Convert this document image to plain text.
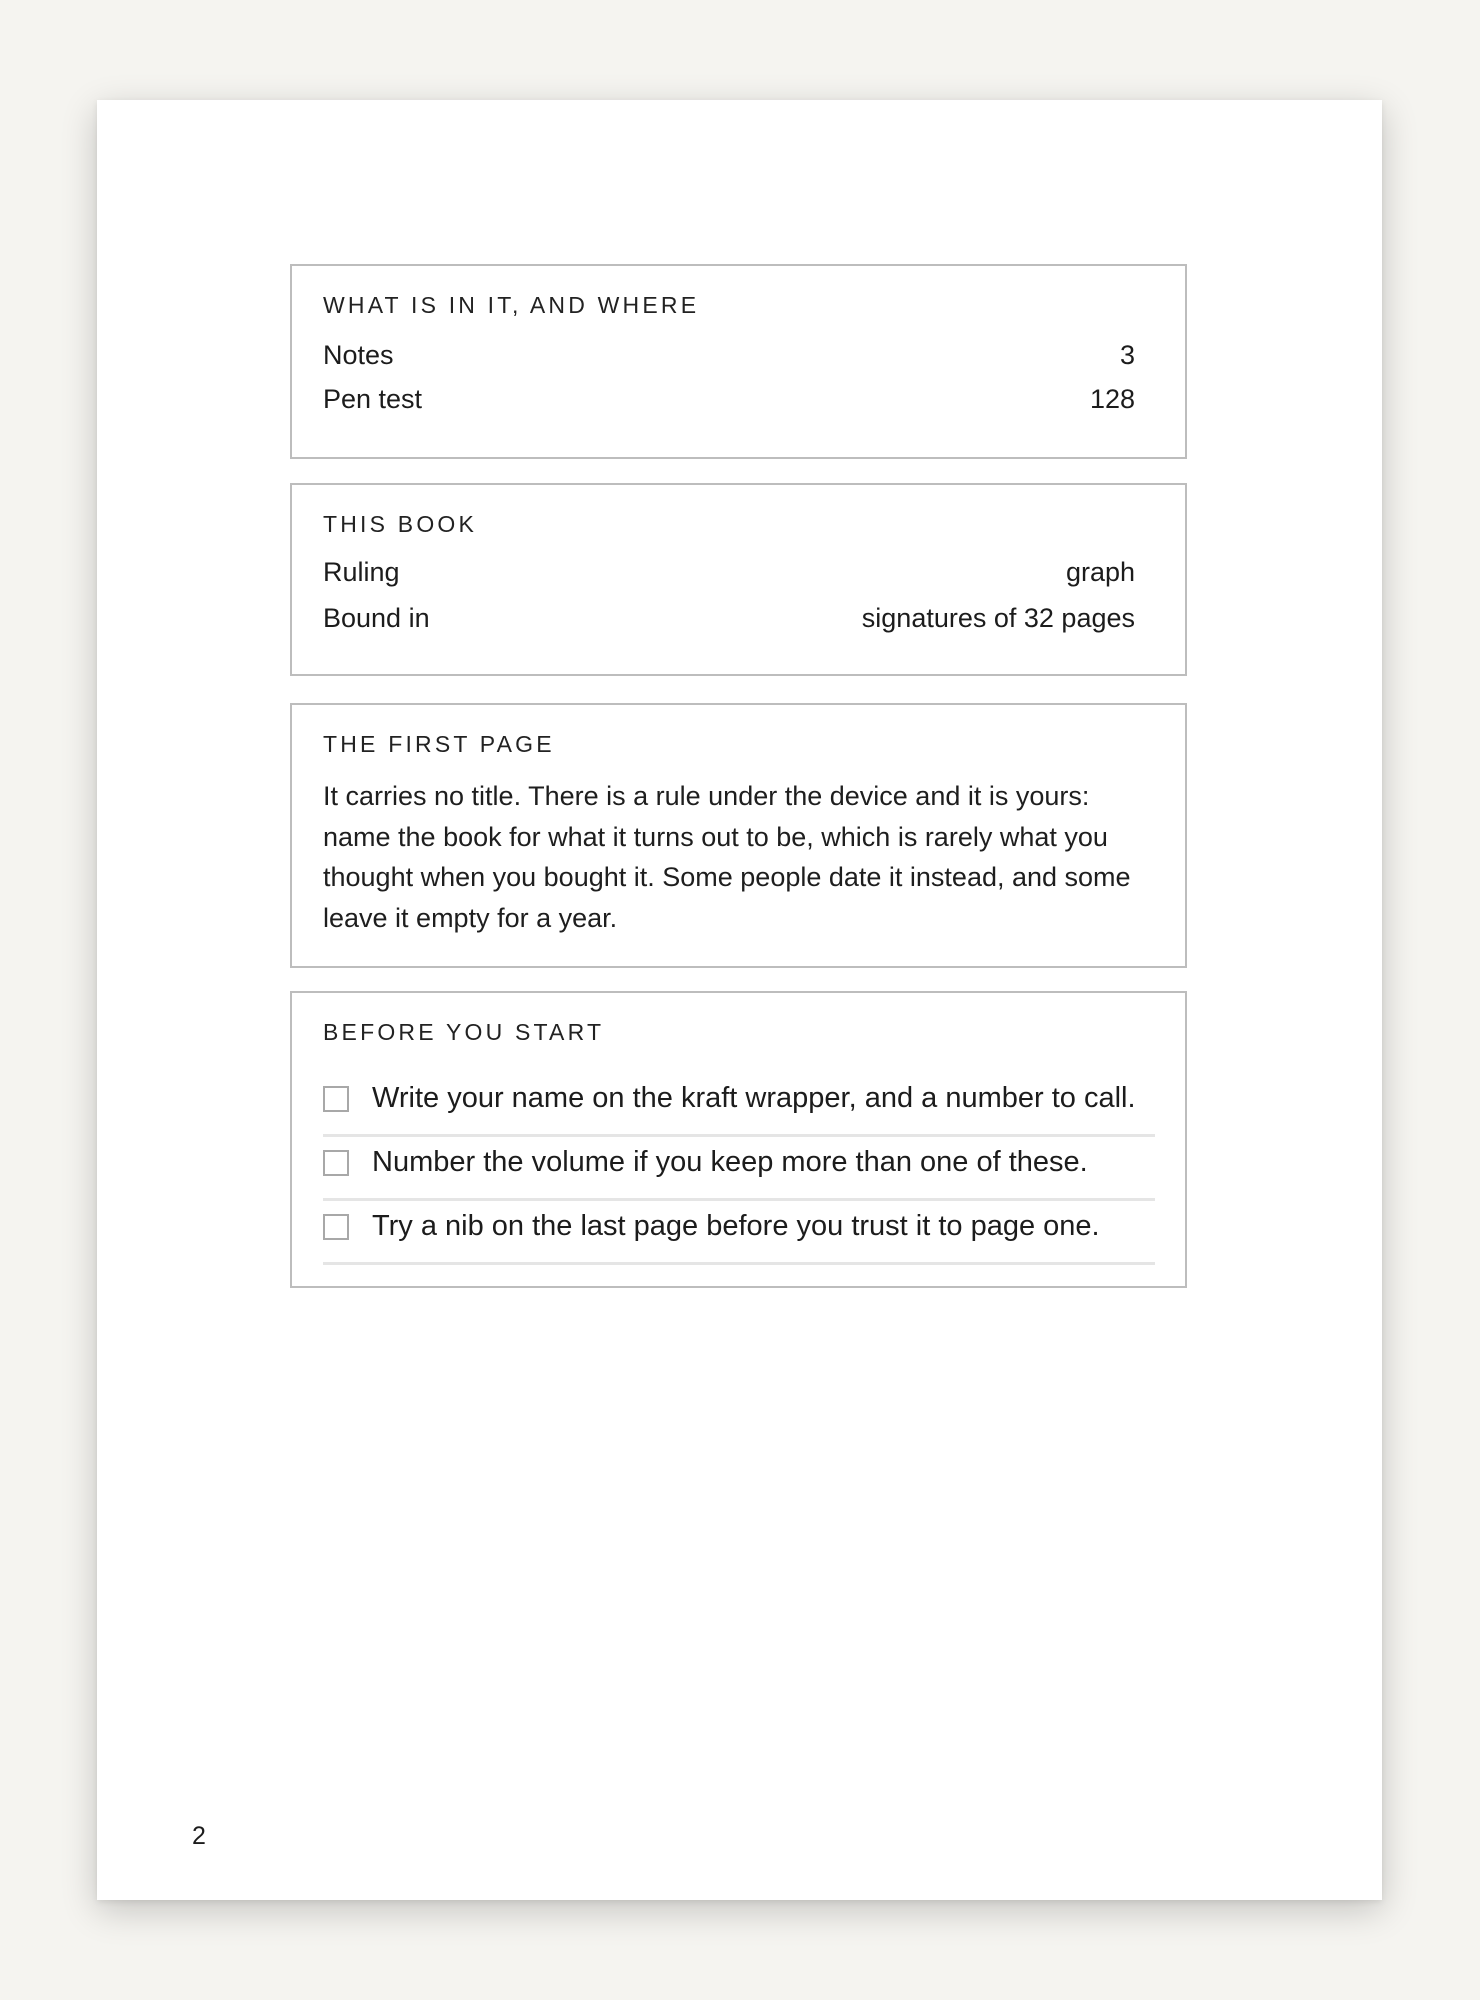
WHAT IS IN IT, AND WHERE
Notes	3
Pen test	128
THIS BOOK
Ruling	graph
Bound in	signatures of 32 pages
THE FIRST PAGE
It carries no title. There is a rule under the device and it is yours: name the book for what it turns out to be, which is rarely what you thought when you bought it. Some people date it instead, and some leave it empty for a year.
BEFORE YOU START
Write your name on the kraft wrapper, and a number to call.
Number the volume if you keep more than one of these.
Try a nib on the last page before you trust it to page one.
2
